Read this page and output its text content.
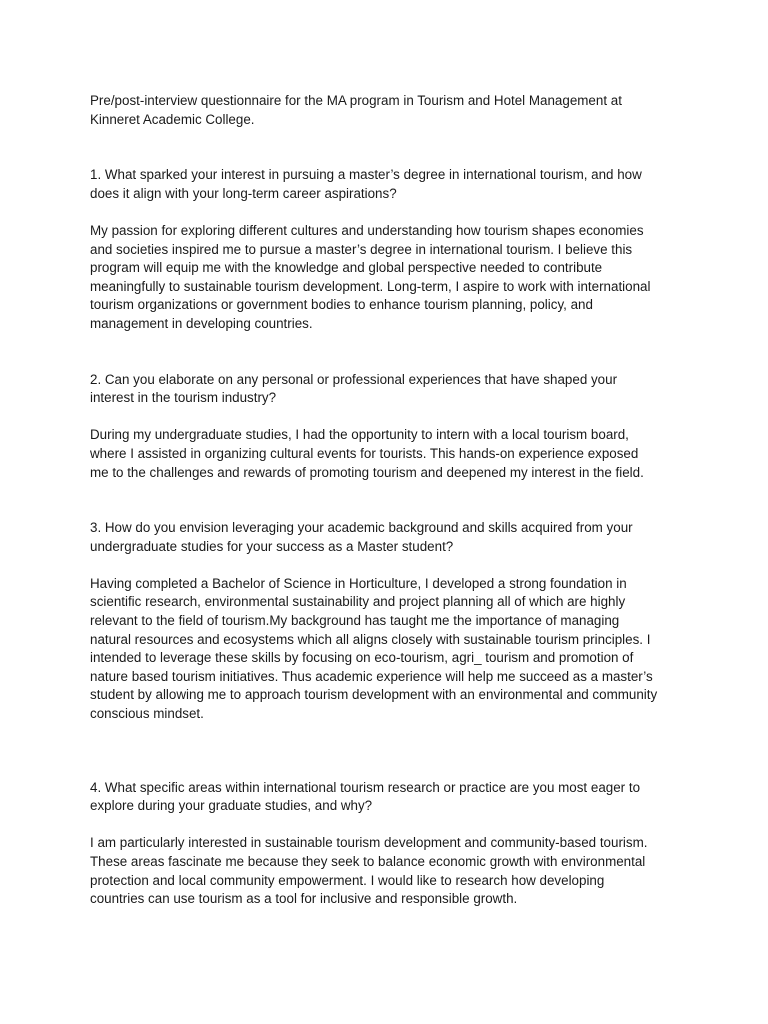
Pre/post-interview questionnaire for the MA program in Tourism and Hotel Management at
Kinneret Academic College.

1. What sparked your interest in pursuing a master’s degree in international tourism, and how
does it align with your long-term career aspirations?

My passion for exploring different cultures and understanding how tourism shapes economies
and societies inspired me to pursue a master’s degree in international tourism. I believe this
program will equip me with the knowledge and global perspective needed to contribute
meaningfully to sustainable tourism development. Long-term, I aspire to work with international
tourism organizations or government bodies to enhance tourism planning, policy, and
management in developing countries.

2. Can you elaborate on any personal or professional experiences that have shaped your
interest in the tourism industry?

During my undergraduate studies, I had the opportunity to intern with a local tourism board,
where I assisted in organizing cultural events for tourists. This hands-on experience exposed
me to the challenges and rewards of promoting tourism and deepened my interest in the field.

3. How do you envision leveraging your academic background and skills acquired from your
undergraduate studies for your success as a Master student?

Having completed a Bachelor of Science in Horticulture, I developed a strong foundation in
scientific research, environmental sustainability and project planning all of which are highly
relevant to the field of tourism.My background has taught me the importance of managing
natural resources and ecosystems which all aligns closely with sustainable tourism principles. I
intended to leverage these skills by focusing on eco-tourism, agri_ tourism and promotion of
nature based tourism initiatives. Thus academic experience will help me succeed as a master’s
student by allowing me to approach tourism development with an environmental and community
conscious mindset.

4. What specific areas within international tourism research or practice are you most eager to
explore during your graduate studies, and why?

I am particularly interested in sustainable tourism development and community-based tourism.
These areas fascinate me because they seek to balance economic growth with environmental
protection and local community empowerment. I would like to research how developing
countries can use tourism as a tool for inclusive and responsible growth.
